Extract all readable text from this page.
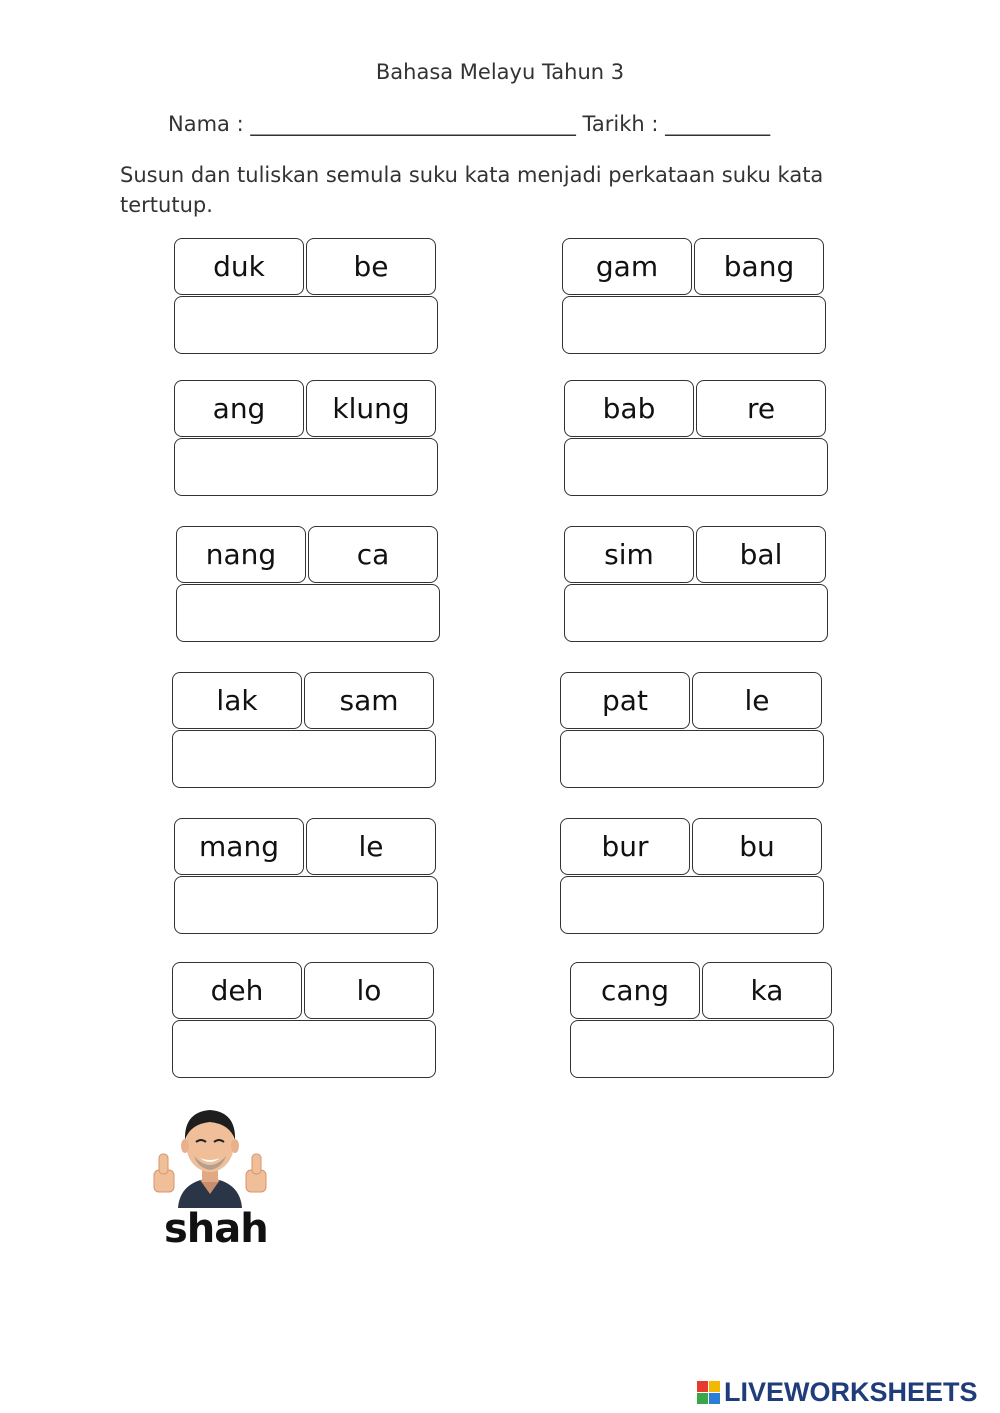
Bahasa Melayu Tahun 3
Nama : _______________________________ Tarikh : __________
Susun dan tuliskan semula suku kata menjadi perkataan suku kata tertutup.
duk	be	gam	bang
ang	klung	bab	re
nang	ca	sim	bal
lak	sam	pat	le
mang	le	bur	bu
deh	lo	cang	ka
shah
LIVEWORKSHEETS
